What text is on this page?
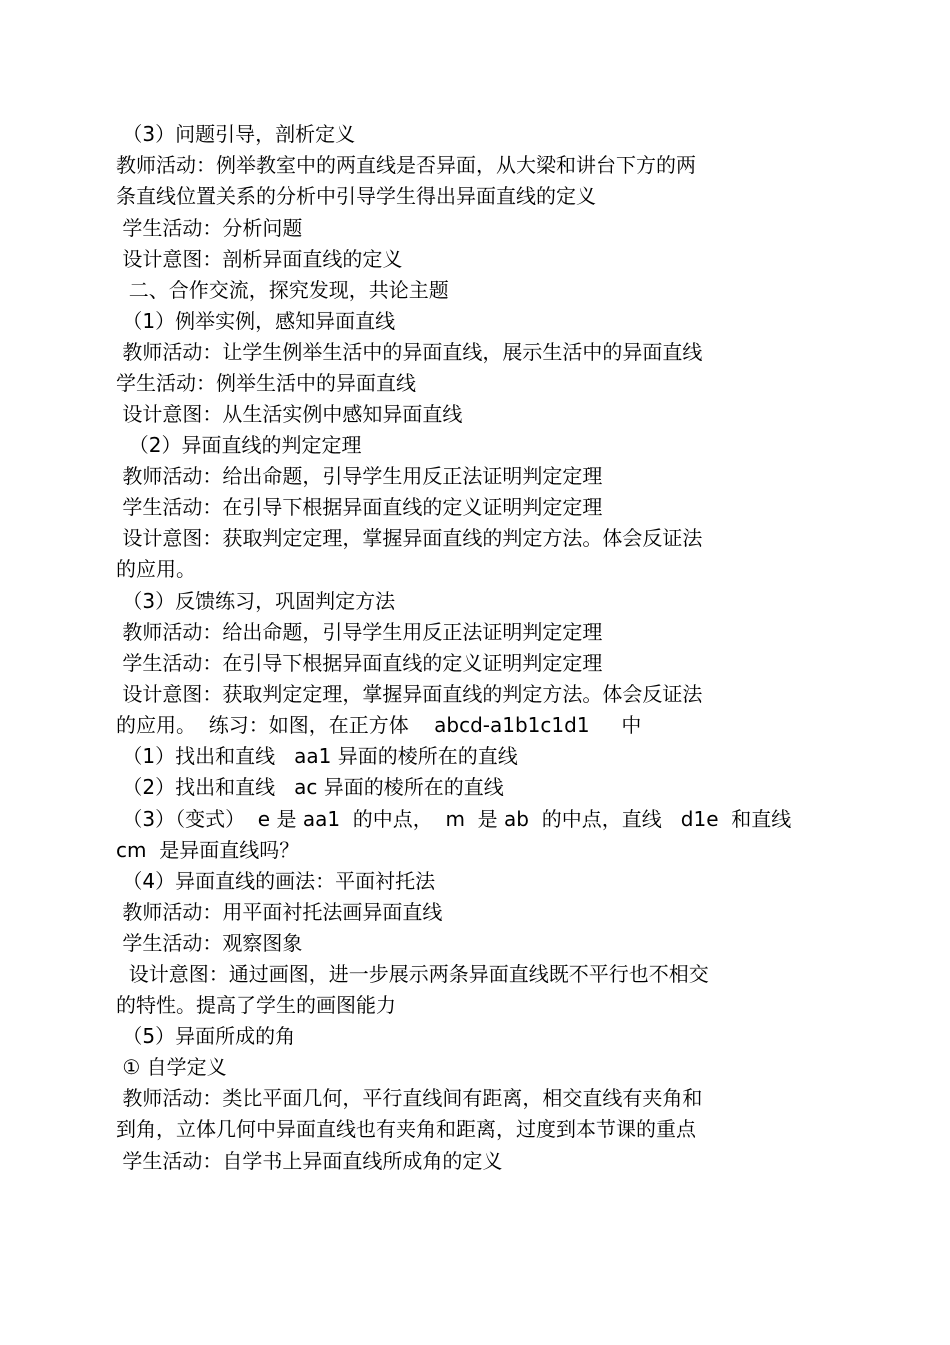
（3）问题引导，剖析定义
教师活动：例举教室中的两直线是否异面，从大梁和讲台下方的两
条直线位置关系的分析中引导学生得出异面直线的定义
学生活动：分析问题
设计意图：剖析异面直线的定义
二、合作交流，探究发现，共论主题
（1）例举实例，感知异面直线
教师活动：让学生例举生活中的异面直线，展示生活中的异面直线
学生活动：例举生活中的异面直线
设计意图：从生活实例中感知异面直线
（2）异面直线的判定定理
教师活动：给出命题，引导学生用反正法证明判定定理
学生活动：在引导下根据异面直线的定义证明判定定理
设计意图：获取判定定理，掌握异面直线的判定方法。体会反证法
的应用。
（3）反馈练习，巩固判定方法
教师活动：给出命题，引导学生用反正法证明判定定理
学生活动：在引导下根据异面直线的定义证明判定定理
设计意图：获取判定定理，掌握异面直线的判定方法。体会反证法
的应用。  练习：如图，在正方体    abcd-a1b1c1d1     中
（1）找出和直线   aa1 异面的棱所在的直线
（2）找出和直线   ac 异面的棱所在的直线
（3）（变式）  e 是 aa1  的中点，  m  是 ab  的中点，直线   d1e  和直线
cm  是异面直线吗？
（4）异面直线的画法：平面衬托法
教师活动：用平面衬托法画异面直线
学生活动：观察图象
设计意图：通过画图，进一步展示两条异面直线既不平行也不相交
的特性。提高了学生的画图能力
（5）异面所成的角
① 自学定义
教师活动：类比平面几何，平行直线间有距离，相交直线有夹角和
到角，立体几何中异面直线也有夹角和距离，过度到本节课的重点
学生活动：自学书上异面直线所成角的定义
